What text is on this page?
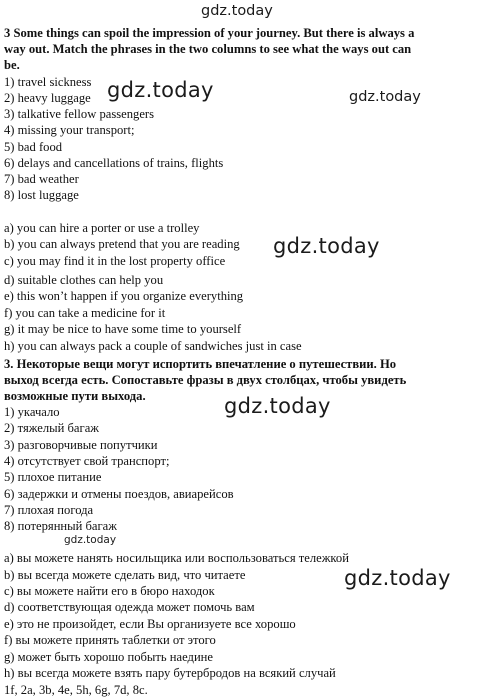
3 Some things can spoil the impression of your journey. But there is always a
way out. Match the phrases in the two columns to see what the ways out can
be.
1) travel sickness
2) heavy luggage
3) talkative fellow passengers
4) missing your transport;
5) bad food
6) delays and cancellations of trains, flights
7) bad weather
8) lost luggage
a) you can hire a porter or use a trolley
b) you can always pretend that you are reading
c) you may find it in the lost property office
d) suitable clothes can help you
e) this won’t happen if you organize everything
f) you can take a medicine for it
g) it may be nice to have some time to yourself
h) you can always pack a couple of sandwiches just in case
3. Некоторые вещи могут испортить впечатление о путешествии. Но
выход всегда есть. Сопоставьте фразы в двух столбцах, чтобы увидеть
возможные пути выхода.
1) укачало
2) тяжелый багаж
3) разговорчивые попутчики
4) отсутствует свой транспорт;
5) плохое питание
6) задержки и отмены поездов, авиарейсов
7) плохая погода
8) потерянный багаж
a) вы можете нанять носильщика или воспользоваться тележкой
b) вы всегда можете сделать вид, что читаете
c) вы можете найти его в бюро находок
d) соответствующая одежда может помочь вам
e) это не произойдет, если Вы организуете все хорошо
f) вы можете принять таблетки от этого
g) может быть хорошо побыть наедине
h) вы всегда можете взять пару бутербродов на всякий случай
1f, 2a, 3b, 4e, 5h, 6g, 7d, 8c.
gdz.today
gdz.today	gdz.today
gdz.today
gdz.today
gdz.today
gdz.today
